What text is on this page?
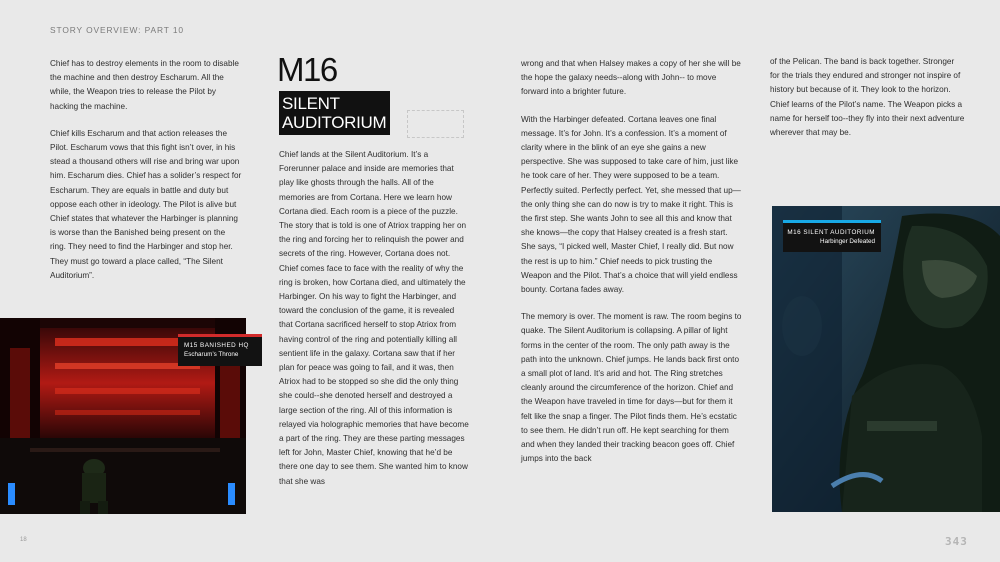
STORY OVERVIEW: PART 10

Chief has to destroy elements in the room to disable the machine and then destroy Escharum. All the while, the Weapon tries to release the Pilot by hacking the machine.

Chief kills Escharum and that action releases the Pilot. Escharum vows that this fight isn’t over, in his stead a thousand others will rise and bring war upon him. Escharum dies. Chief has a solider’s respect for Escharum. They are equals in battle and duty but oppose each other in ideology. The Pilot is alive but Chief states that whatever the Harbinger is planning is worse than the Banished being present on the ring. They need to find the Harbinger and stop her. They must go toward a place called, “The Silent Auditorium”.

M16
SILENT
AUDITORIUM

Chief lands at the Silent Auditorium. It’s a Forerunner palace and inside are memories that play like ghosts through the halls. All of the memories are from Cortana. Here we learn how Cortana died. Each room is a piece of the puzzle. The story that is told is one of Atriox trapping her on the ring and forcing her to relinquish the power and secrets of the ring. However, Cortana does not. Chief comes face to face with the reality of why the ring is broken, how Cortana died, and ultimately the Harbinger. On his way to fight the Harbinger, and toward the conclusion of the game, it is revealed that Cortana sacrificed herself to stop Atriox from having control of the ring and potentially killing all sentient life in the galaxy. Cortana saw that if her plan for peace was going to fail, and it was, then Atriox had to be stopped so she did the only thing she could--she denoted herself and destroyed a large section of the ring. All of this information is relayed via holographic memories that have become a part of the ring. They are these parting messages left for John, Master Chief, knowing that he’d be there one day to see them. She wanted him to know that she was

wrong and that when Halsey makes a copy of her she will be the hope the galaxy needs--along with John-- to move forward into a brighter future.

With the Harbinger defeated. Cortana leaves one final message. It’s for John. It’s a confession. It’s a moment of clarity where in the blink of an eye she gains a new perspective. She was supposed to take care of him, just like he took care of her. They were supposed to be a team. Perfectly suited. Perfectly perfect. Yet, she messed that up—the only thing she can do now is try to make it right. This is the first step. She wants John to see all this and know that she knows—the copy that Halsey created is a fresh start. She says, “I picked well, Master Chief, I really did. But now the rest is up to him.” Chief needs to pick trusting the Weapon and the Pilot. That’s a choice that will yield endless bounty. Cortana fades away.

The memory is over. The moment is raw. The room begins to quake. The Silent Auditorium is collapsing. A pillar of light forms in the center of the room. The only path away is the path into the unknown. Chief jumps. He lands back first onto a small plot of land. It’s arid and hot. The Ring stretches cleanly around the circumference of the horizon. Chief and the Weapon have traveled in time for days—but for them it felt like the snap a finger. The Pilot finds them. He’s ecstatic to see them. He didn’t run off. He kept searching for them and when they landed their tracking beacon goes off. Chief jumps into the back

of the Pelican. The band is back together. Stronger for the trials they endured and stronger not inspire of history but because of it. They look to the horizon. Chief learns of the Pilot’s name. The Weapon picks a name for herself too--they fly into their next adventure wherever that may be.

M15 BANISHED HQ
Escharum’s Throne
M16 SILENT AUDITORIUM
Harbinger Defeated
18	343
